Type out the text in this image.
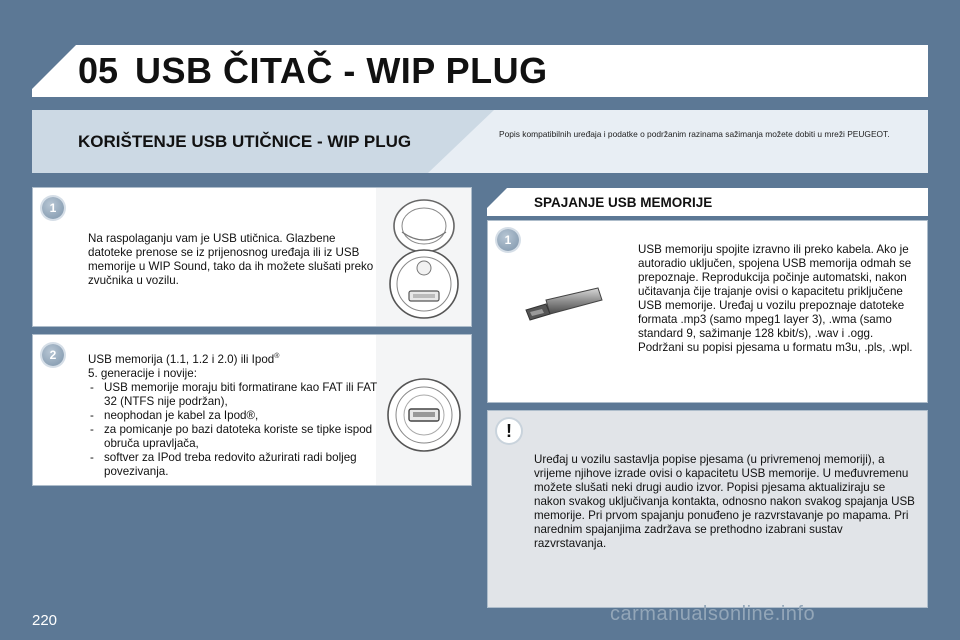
05 USB ČITAČ - WIP PLUG
KORIŠTENJE USB UTIČNICE - WIP PLUG	Popis kompatibilnih uređaja i podatke o podržanim razinama sažimanja možete dobiti u mreži PEUGEOT.
1
Na raspolaganju vam je USB utičnica. Glazbene datoteke prenose se iz prijenosnog uređaja ili iz USB memorije u WIP Sound, tako da ih možete slušati preko zvučnika u vozilu.
2	USB memorija (1.1, 1.2 i 2.0) ili Ipod®
5. generacije i novije:
- USB memorije moraju biti formatirane kao FAT ili FAT 32 (NTFS nije podržan),
- neophodan je kabel za Ipod®,
- za pomicanje po bazi datoteka koriste se tipke ispod obruča upravljača,
- softver za IPod treba redovito ažurirati radi boljeg povezivanja.
SPAJANJE USB MEMORIJE
1
USB memoriju spojite izravno ili preko kabela. Ako je autoradio uključen, spojena USB memorija odmah se prepoznaje. Reprodukcija počinje automatski, nakon učitavanja čije trajanje ovisi o kapacitetu priključene USB memorije. Uređaj u vozilu prepoznaje datoteke formata .mp3 (samo mpeg1 layer 3), .wma (samo standard 9, sažimanje 128 kbit/s), .wav i .ogg. Podržani su popisi pjesama u formatu m3u, .pls, .wpl.
!
Uređaj u vozilu sastavlja popise pjesama (u privremenoj memoriji), a vrijeme njihove izrade ovisi o kapacitetu USB memorije. U međuvremenu možete slušati neki drugi audio izvor. Popisi pjesama aktualiziraju se nakon svakog uključivanja kontakta, odnosno nakon svakog spajanja USB memorije. Pri prvom spajanju ponuđeno je razvrstavanje po mapama. Pri narednim spajanjima zadržava se prethodno izabrani sustav razvrstavanja.
220	carmanualsonline.info
